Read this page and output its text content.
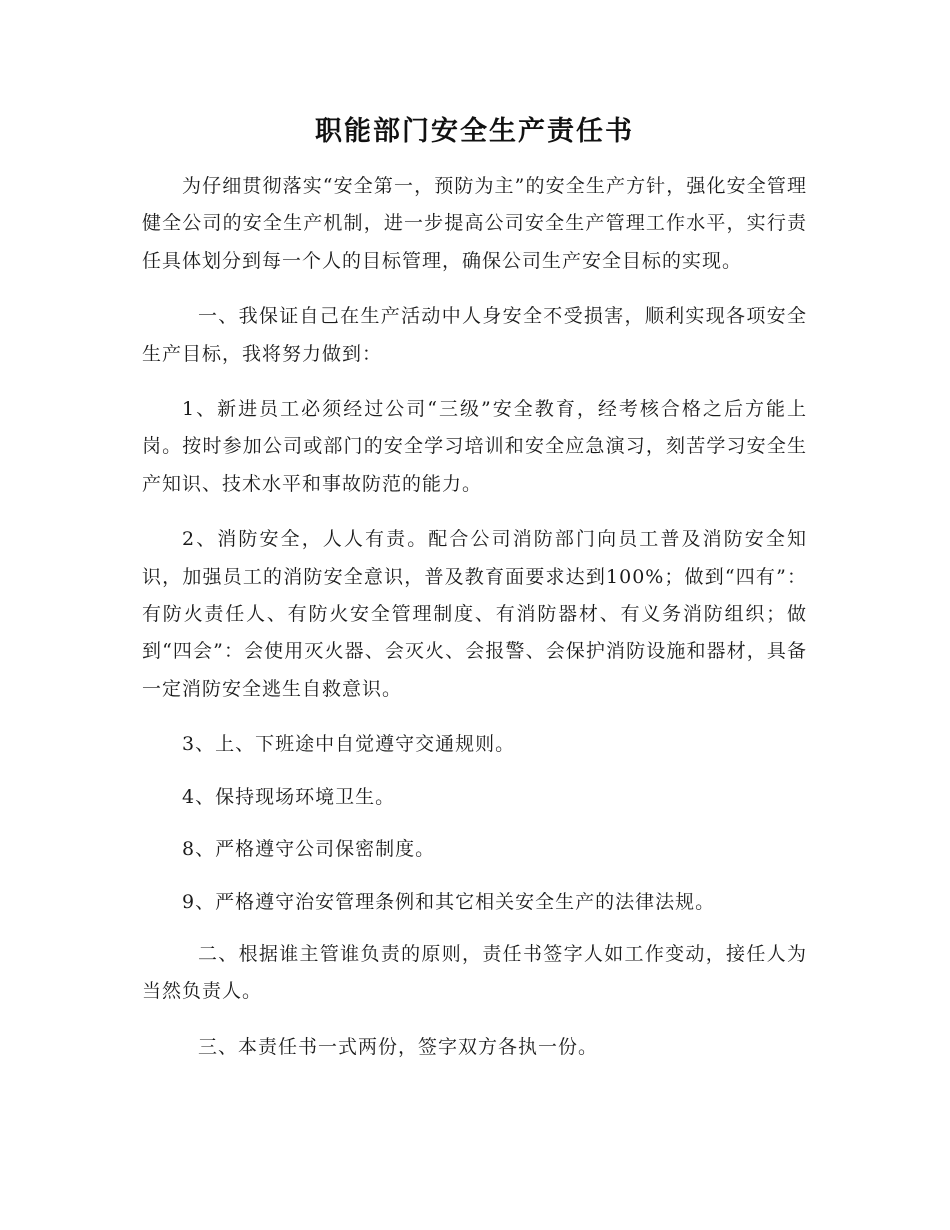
职能部门安全生产责任书

为仔细贯彻落实“安全第一，预防为主”的安全生产方针，强化安全管理健全公司的安全生产机制，进一步提高公司安全生产管理工作水平，实行责任具体划分到每一个人的目标管理，确保公司生产安全目标的实现。

一、我保证自己在生产活动中人身安全不受损害，顺利实现各项安全生产目标，我将努力做到：

1、新进员工必须经过公司“三级”安全教育，经考核合格之后方能上岗。按时参加公司或部门的安全学习培训和安全应急演习，刻苦学习安全生产知识、技术水平和事故防范的能力。

2、消防安全，人人有责。配合公司消防部门向员工普及消防安全知识，加强员工的消防安全意识，普及教育面要求达到100%；做到“四有”：有防火责任人、有防火安全管理制度、有消防器材、有义务消防组织；做到“四会”：会使用灭火器、会灭火、会报警、会保护消防设施和器材，具备一定消防安全逃生自救意识。

3、上、下班途中自觉遵守交通规则。

4、保持现场环境卫生。

8、严格遵守公司保密制度。

9、严格遵守治安管理条例和其它相关安全生产的法律法规。

二、根据谁主管谁负责的原则，责任书签字人如工作变动，接任人为当然负责人。

三、本责任书一式两份，签字双方各执一份。
